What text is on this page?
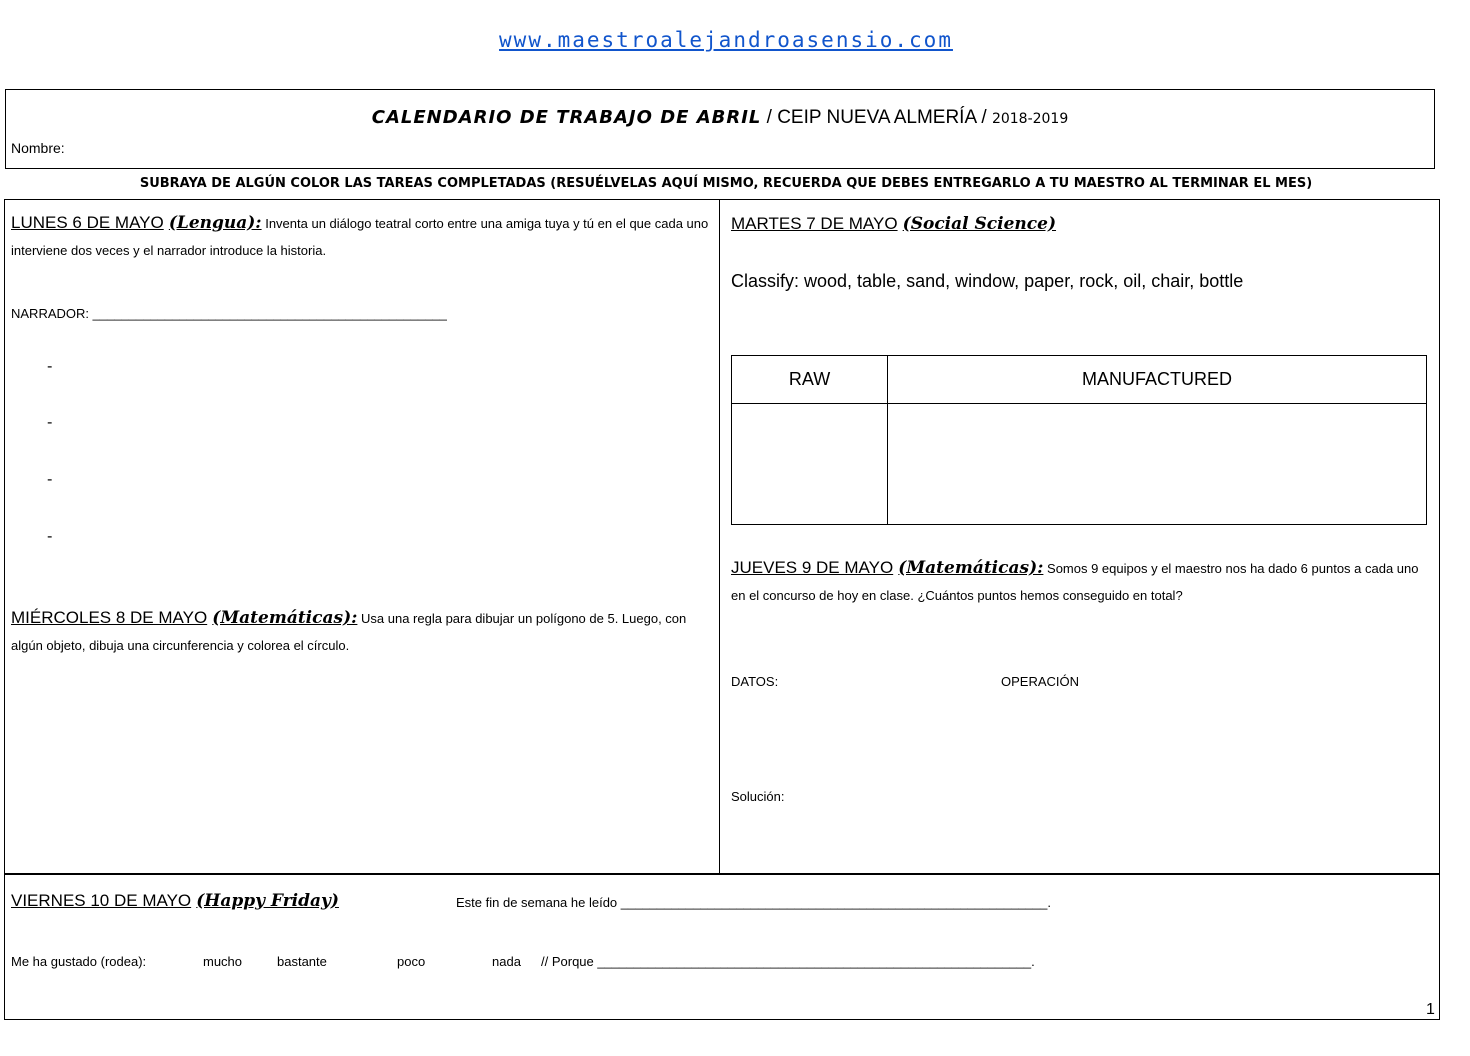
www.maestroalejandroasensio.com
CALENDARIO DE TRABAJO DE ABRIL / CEIP NUEVA ALMERÍA / 2018-2019
Nombre:
SUBRAYA DE ALGÚN COLOR LAS TAREAS COMPLETADAS (RESUÉLVELAS AQUÍ MISMO, RECUERDA QUE DEBES ENTREGARLO A TU MAESTRO AL TERMINAR EL MES)
LUNES 6 DE MAYO (Lengua): Inventa un diálogo teatral corto entre una amiga tuya y tú en el que cada uno interviene dos veces y el narrador introduce la historia.
NARRADOR: _________________________________________________
-
-
-
-
MIÉRCOLES 8 DE MAYO (Matemáticas): Usa una regla para dibujar un polígono de 5. Luego, con algún objeto, dibuja una circunferencia y colorea el círculo.
MARTES 7 DE MAYO (Social Science)
Classify: wood, table, sand, window, paper, rock, oil, chair, bottle
RAW	MANUFACTURED

JUEVES 9 DE MAYO (Matemáticas): Somos 9 equipos y el maestro nos ha dado 6 puntos a cada uno en el concurso de hoy en clase. ¿Cuántos puntos hemos conseguido en total?
DATOS:	OPERACIÓN
Solución:
VIERNES 10 DE MAYO (Happy Friday)	Este fin de semana he leído ___________________________________________________________.
Me ha gustado (rodea):	mucho	bastante	poco	nada // Porque ____________________________________________________________.
1
